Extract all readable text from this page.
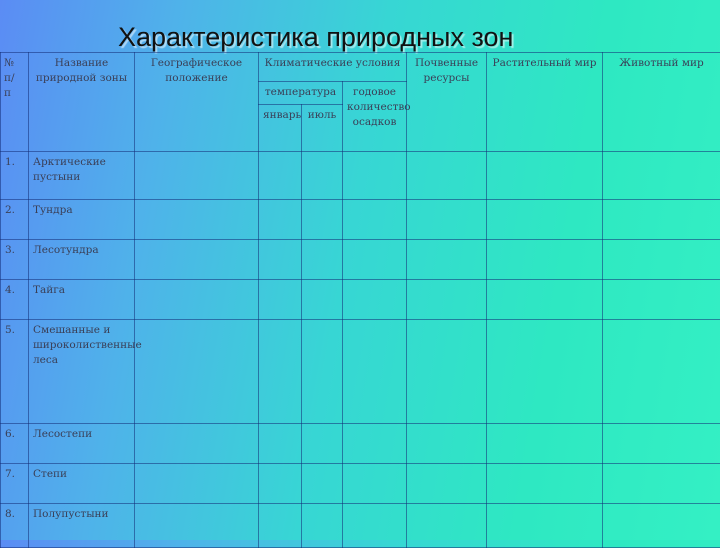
Характеристика природных зон
№ п/ п	Название природной зоны	Географическое положение	Климатические условия			Почвенные ресурсы	Растительный мир	Животный мир
			температура		годовое количество осадков			
			январь	июль				
1.	Арктические пустыни							
2.	Тундра							
3.	Лесотундра							
4.	Тайга							
5.	Смешанные и широколиственные леса							
6.	Лесостепи							
7.	Степи							
8.	Полупустыни							
